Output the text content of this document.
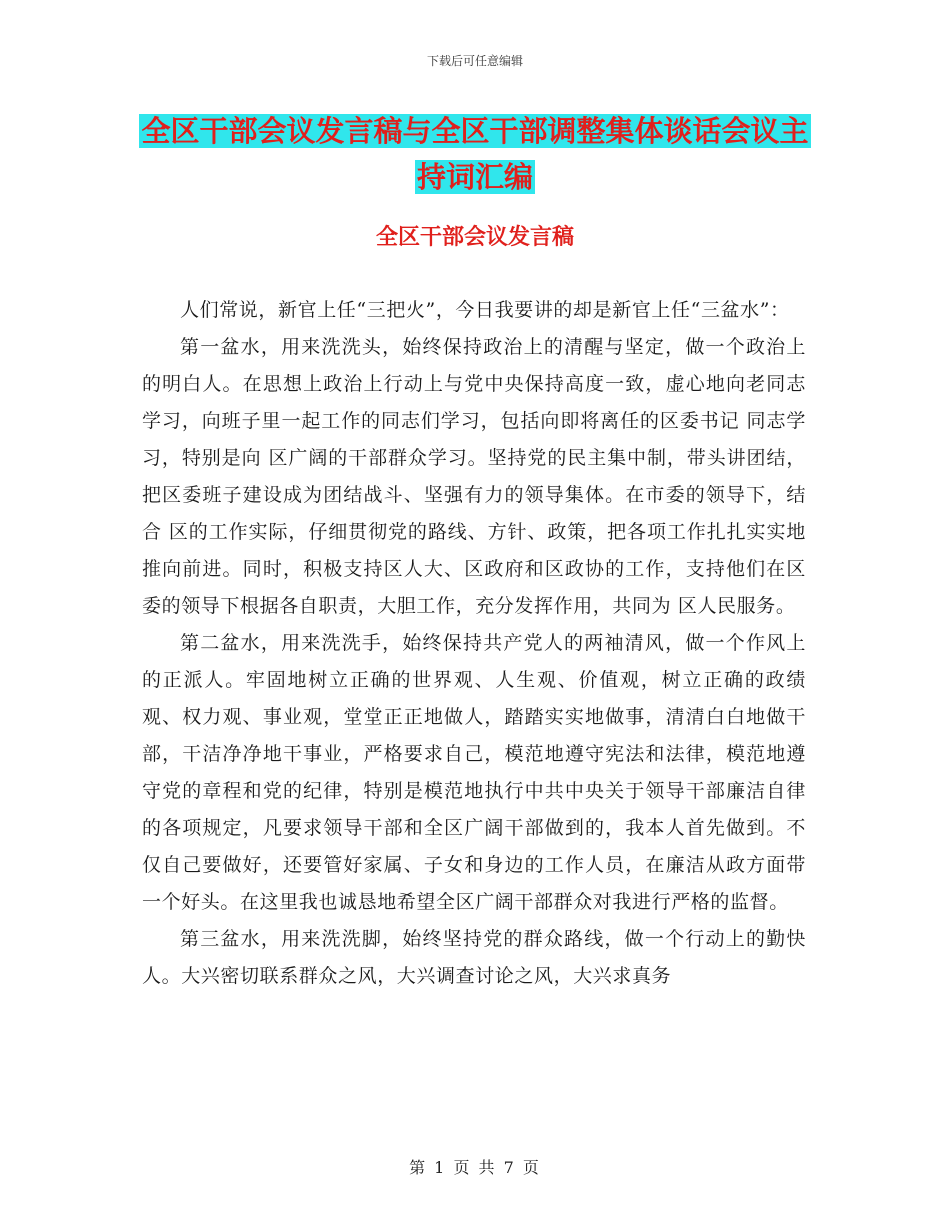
下载后可任意编辑
全区干部会议发言稿与全区干部调整集体谈话会议主
持词汇编
全区干部会议发言稿

人们常说，新官上任“三把火”，今日我要讲的却是新官上任“三盆水”：

第一盆水，用来洗洗头，始终保持政治上的清醒与坚定，做一个政治上的明白人。在思想上政治上行动上与党中央保持高度一致，虚心地向老同志学习，向班子里一起工作的同志们学习，包括向即将离任的区委书记 同志学习，特别是向 区广阔的干部群众学习。坚持党的民主集中制，带头讲团结，把区委班子建设成为团结战斗、坚强有力的领导集体。在市委的领导下，结合 区的工作实际，仔细贯彻党的路线、方针、政策，把各项工作扎扎实实地推向前进。同时，积极支持区人大、区政府和区政协的工作，支持他们在区委的领导下根据各自职责，大胆工作，充分发挥作用，共同为 区人民服务。

第二盆水，用来洗洗手，始终保持共产党人的两袖清风，做一个作风上的正派人。牢固地树立正确的世界观、人生观、价值观，树立正确的政绩观、权力观、事业观，堂堂正正地做人，踏踏实实地做事，清清白白地做干部，干洁净净地干事业，严格要求自己，模范地遵守宪法和法律，模范地遵守党的章程和党的纪律，特别是模范地执行中共中央关于领导干部廉洁自律的各项规定，凡要求领导干部和全区广阔干部做到的，我本人首先做到。不仅自己要做好，还要管好家属、子女和身边的工作人员，在廉洁从政方面带一个好头。在这里我也诚恳地希望全区广阔干部群众对我进行严格的监督。

第三盆水，用来洗洗脚，始终坚持党的群众路线，做一个行动上的勤快人。大兴密切联系群众之风，大兴调查讨论之风，大兴求真务

第 1 页 共 7 页
